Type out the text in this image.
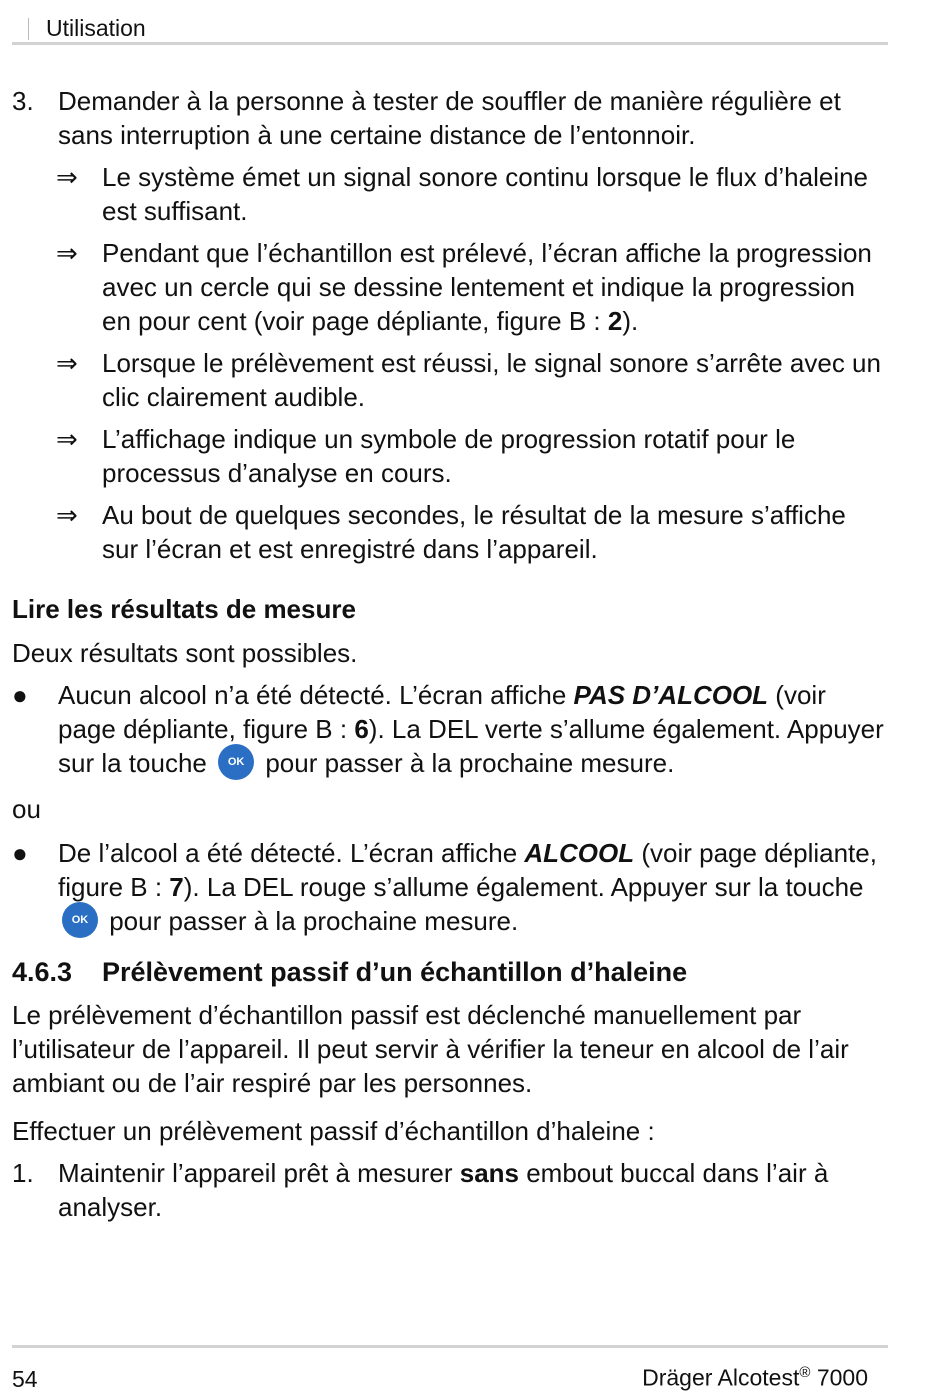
Utilisation
3. Demander à la personne à tester de souffler de manière régulière et sans interruption à une certaine distance de l’entonnoir.
⇒ Le système émet un signal sonore continu lorsque le flux d’haleine est suffisant.
⇒ Pendant que l’échantillon est prélevé, l’écran affiche la progression avec un cercle qui se dessine lentement et indique la progression en pour cent (voir page dépliante, figure B : 2).
⇒ Lorsque le prélèvement est réussi, le signal sonore s’arrête avec un clic clairement audible.
⇒ L’affichage indique un symbole de progression rotatif pour le processus d’analyse en cours.
⇒ Au bout de quelques secondes, le résultat de la mesure s’affiche sur l’écran et est enregistré dans l’appareil.
Lire les résultats de mesure

Deux résultats sont possibles.

● Aucun alcool n’a été détecté. L’écran affiche PAS D’ALCOOL (voir page dépliante, figure B : 6). La DEL verte s’allume également. Appuyer sur la touche OK pour passer à la prochaine mesure.

ou

● De l’alcool a été détecté. L’écran affiche ALCOOL (voir page dépliante, figure B : 7). La DEL rouge s’allume également. Appuyer sur la touche OK pour passer à la prochaine mesure.
4.6.3 Prélèvement passif d’un échantillon d’haleine

Le prélèvement d’échantillon passif est déclenché manuellement par l’utilisateur de l’appareil. Il peut servir à vérifier la teneur en alcool de l’air ambiant ou de l’air respiré par les personnes.

Effectuer un prélèvement passif d’échantillon d’haleine :

1. Maintenir l’appareil prêt à mesurer sans embout buccal dans l’air à analyser.
54	Dräger Alcotest® 7000
